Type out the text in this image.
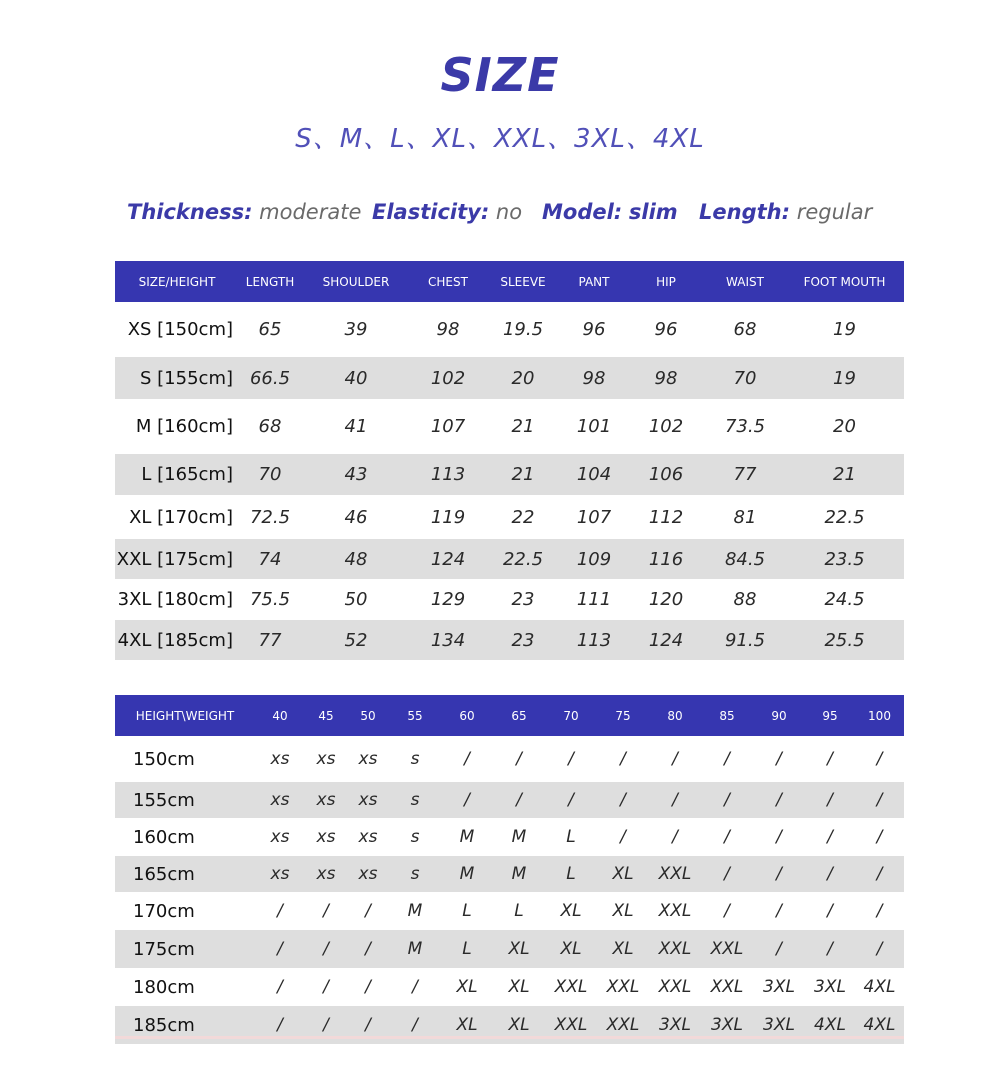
SIZE
S、M、L、XL、XXL、3XL、4XL
Thickness: moderate Elasticity: no Model: slim Length: regular
SIZE/HEIGHT	LENGTH	SHOULDER	CHEST	SLEEVE	PANT	HIP	WAIST	FOOT MOUTH
XS [150cm]	65	39	98	19.5	96	96	68	19
S [155cm]	66.5	40	102	20	98	98	70	19
M [160cm]	68	41	107	21	101	102	73.5	20
L [165cm]	70	43	113	21	104	106	77	21
XL [170cm]	72.5	46	119	22	107	112	81	22.5
XXL [175cm]	74	48	124	22.5	109	116	84.5	23.5
3XL [180cm]	75.5	50	129	23	111	120	88	24.5
4XL [185cm]	77	52	134	23	113	124	91.5	25.5
HEIGHT\WEIGHT	40	45	50	55	60	65	70	75	80	85	90	95	100
150cm	xs	xs	xs	s	/	/	/	/	/	/	/	/	/
155cm	xs	xs	xs	s	/	/	/	/	/	/	/	/	/
160cm	xs	xs	xs	s	M	M	L	/	/	/	/	/	/
165cm	xs	xs	xs	s	M	M	L	XL	XXL	/	/	/	/
170cm	/	/	/	M	L	L	XL	XL	XXL	/	/	/	/
175cm	/	/	/	M	L	XL	XL	XL	XXL	XXL	/	/	/
180cm	/	/	/	/	XL	XL	XXL	XXL	XXL	XXL	3XL	3XL	4XL
185cm	/	/	/	/	XL	XL	XXL	XXL	3XL	3XL	3XL	4XL	4XL
